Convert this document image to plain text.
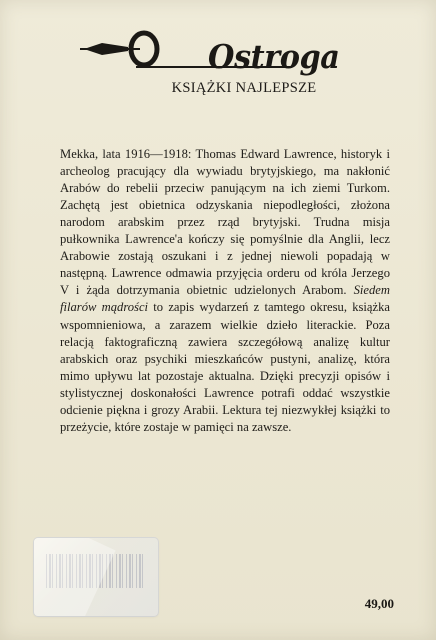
Ostroga
KSIĄŻKI NAJLEPSZE

Mekka, lata 1916—1918: Thomas Edward Lawrence, historyk i archeolog pracujący dla wywiadu brytyjskiego, ma nakłonić Arabów do rebelii przeciw panującym na ich ziemi Turkom. Zachętą jest obietnica odzyskania niepodległości, złożona narodom arabskim przez rząd brytyjski. Trudna misja pułkownika Lawrence'a kończy się pomyślnie dla Anglii, lecz Arabowie zostają oszukani i z jednej niewoli popadają w następną. Lawrence odmawia przyjęcia orderu od króla Jerzego V i żąda dotrzymania obietnic udzielonych Arabom. Siedem filarów mądrości to zapis wydarzeń z tamtego okresu, książka wspomnieniowa, a zarazem wielkie dzieło literackie. Poza relacją faktograficzną zawiera szczegółową analizę kultur arabskich oraz psychiki mieszkańców pustyni, analizę, która mimo upływu lat pozostaje aktualna. Dzięki precyzji opisów i stylistycznej doskonałości Lawrence potrafi oddać wszystkie odcienie piękna i grozy Arabii. Lektura tej niezwykłej książki to przeżycie, które zostaje w pamięci na zawsze.

49,00
